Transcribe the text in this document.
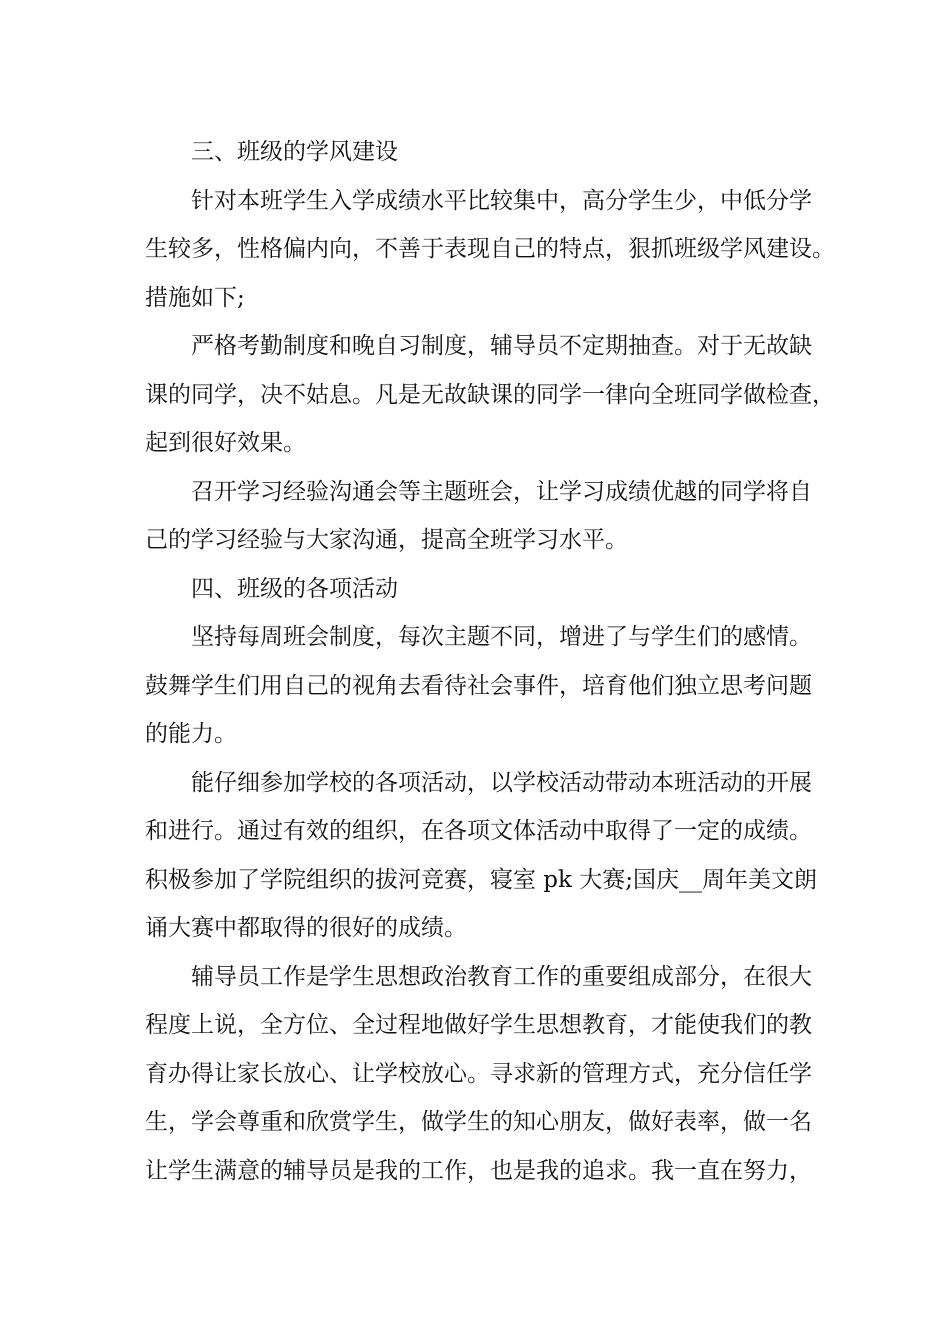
三、班级的学风建设
针对本班学生入学成绩水平比较集中，高分学生少，中低分学
生较多，性格偏内向，不善于表现自己的特点，狠抓班级学风建设。
措施如下;
严格考勤制度和晚自习制度，辅导员不定期抽查。对于无故缺
课的同学，决不姑息。凡是无故缺课的同学一律向全班同学做检查，
起到很好效果。
召开学习经验沟通会等主题班会，让学习成绩优越的同学将自
己的学习经验与大家沟通，提高全班学习水平。
四、班级的各项活动
坚持每周班会制度，每次主题不同，增进了与学生们的感情。
鼓舞学生们用自己的视角去看待社会事件，培育他们独立思考问题
的能力。
能仔细参加学校的各项活动，以学校活动带动本班活动的开展
和进行。通过有效的组织，在各项文体活动中取得了一定的成绩。
积极参加了学院组织的拔河竞赛，寝室 pk 大赛;国庆__周年美文朗
诵大赛中都取得的很好的成绩。
辅导员工作是学生思想政治教育工作的重要组成部分，在很大
程度上说，全方位、全过程地做好学生思想教育，才能使我们的教
育办得让家长放心、让学校放心。寻求新的管理方式，充分信任学
生，学会尊重和欣赏学生，做学生的知心朋友，做好表率，做一名
让学生满意的辅导员是我的工作，也是我的追求。我一直在努力，
